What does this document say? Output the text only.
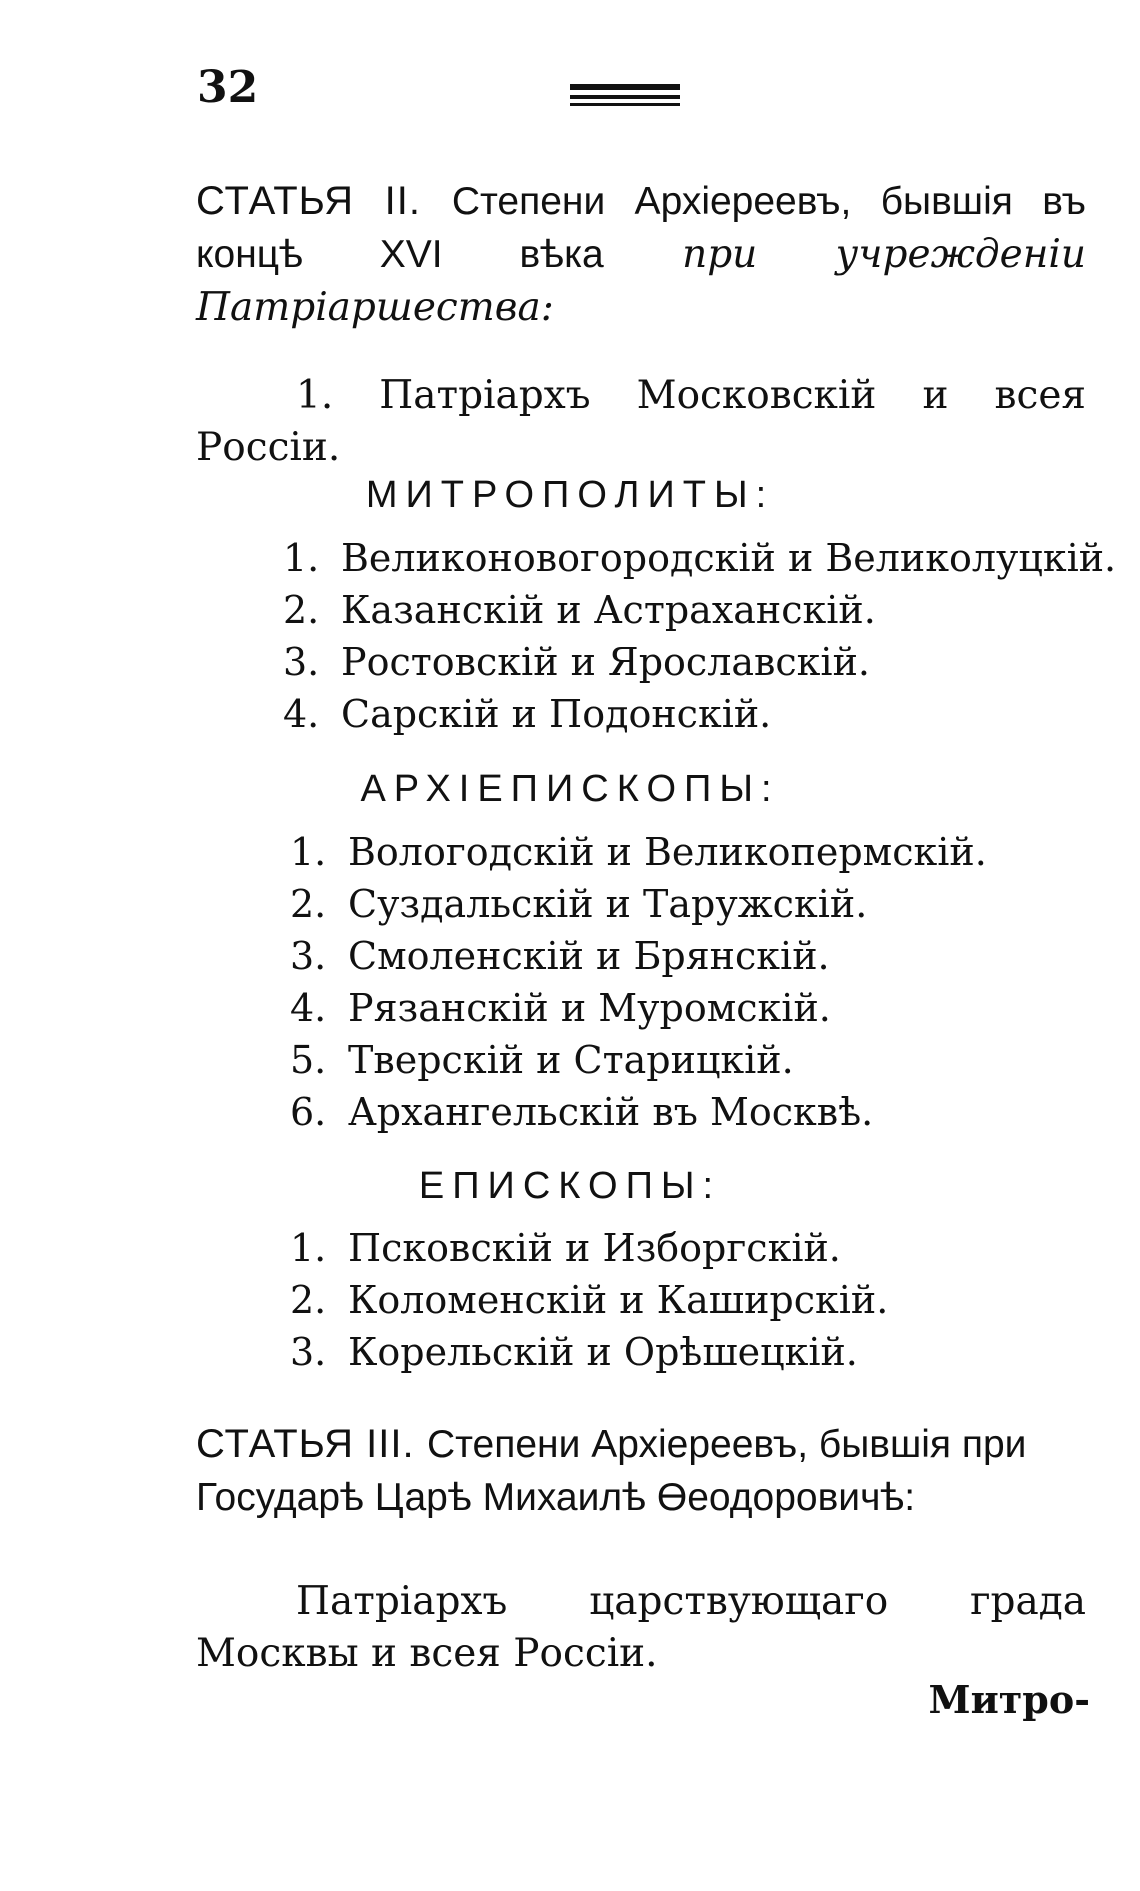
32
СТАТЬЯ II. Степени Архiереевъ, бывшiя въ концѣ XVI вѣка при учрежденiи Патрiаршества:
1. Патрiархъ Московскiй и всея Россiи.
МИТРОПОЛИТЫ:
1. Великоновогородскiй и Великолуцкiй.
2. Казанскiй и Астраханскiй.
3. Ростовскiй и Ярославскiй.
4. Сарскiй и Подонскiй.
АРХIЕПИСКОПЫ:
1. Вологодскiй и Великопермскiй.
2. Суздальскiй и Таружскiй.
3. Смоленскiй и Брянскiй.
4. Рязанскiй и Муромскiй.
5. Тверскiй и Старицкiй.
6. Архангельскiй въ Москвѣ.
ЕПИСКОПЫ:
1. Псковскiй и Изборгскiй.
2. Коломенскiй и Каширскiй.
3. Корельскiй и Орѣшецкiй.
СТАТЬЯ III. Степени Архiереевъ, бывшiя при Государѣ Царѣ Михаилѣ Өеодоровичѣ:
Патрiархъ царствующаго града Москвы и всея Россiи.
Митро-
